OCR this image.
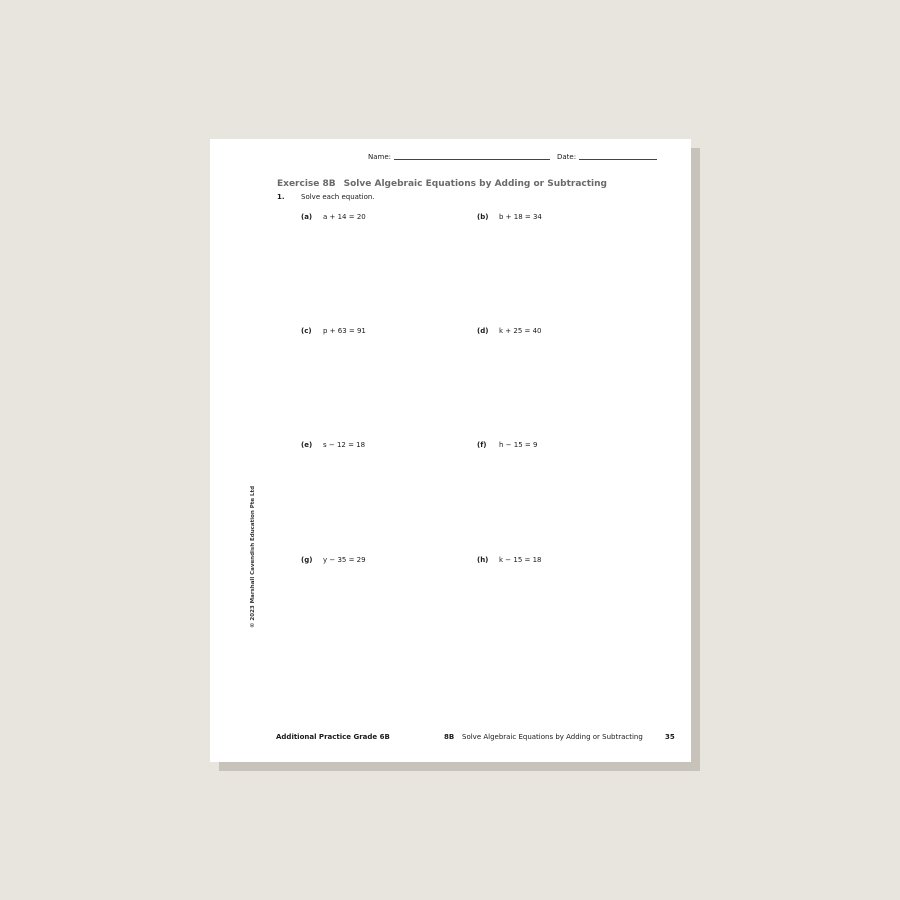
Name:	Date:
Exercise 8B Solve Algebraic Equations by Adding or Subtracting
1. Solve each equation.
(a) a + 14 = 20	(b) b + 18 = 34
(c) p + 63 = 91	(d) k + 25 = 40
(e) s − 12 = 18	(f) h − 15 = 9
(g) y − 35 = 29	(h) k − 15 = 18
© 2023 Marshall Cavendish Education Pte Ltd
Additional Practice Grade 6B	8B Solve Algebraic Equations by Adding or Subtracting	35
